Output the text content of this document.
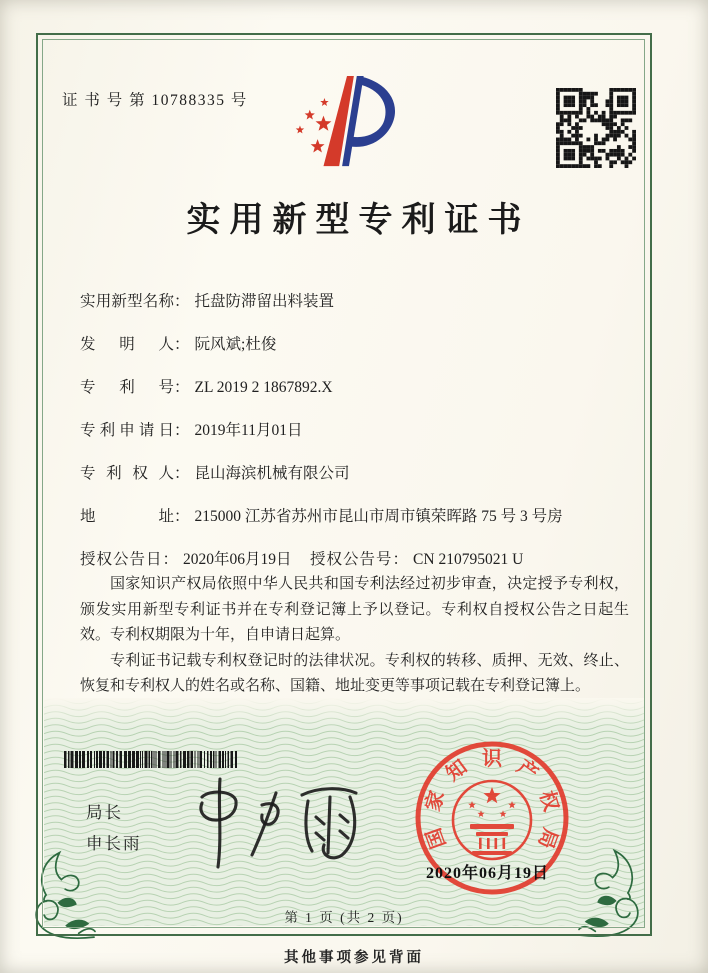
证 书 号 第 10788335 号
实用新型专利证书
实用新型名称： 托盘防滞留出料装置
发明人： 阮风斌;杜俊
专利号： ZL 2019 2 1867892.X
专利申请日： 2019年11月01日
专利权人： 昆山海滨机械有限公司
地址： 215000 江苏省苏州市昆山市周市镇荣晖路 75 号 3 号房
授权公告日： 2020年06月19日 授权公告号： CN 210795021 U

国家知识产权局依照中华人民共和国专利法经过初步审查，决定授予专利权，颁发实用新型专利证书并在专利登记簿上予以登记。专利权自授权公告之日起生效。专利权期限为十年，自申请日起算。

专利证书记载专利权登记时的法律状况。专利权的转移、质押、无效、终止、恢复和专利权人的姓名或名称、国籍、地址变更等事项记载在专利登记簿上。

局长
申长雨	国
家
知 识 产
权
局
2020年06月19日
第 1 页 (共 2 页)
其他事项参见背面
